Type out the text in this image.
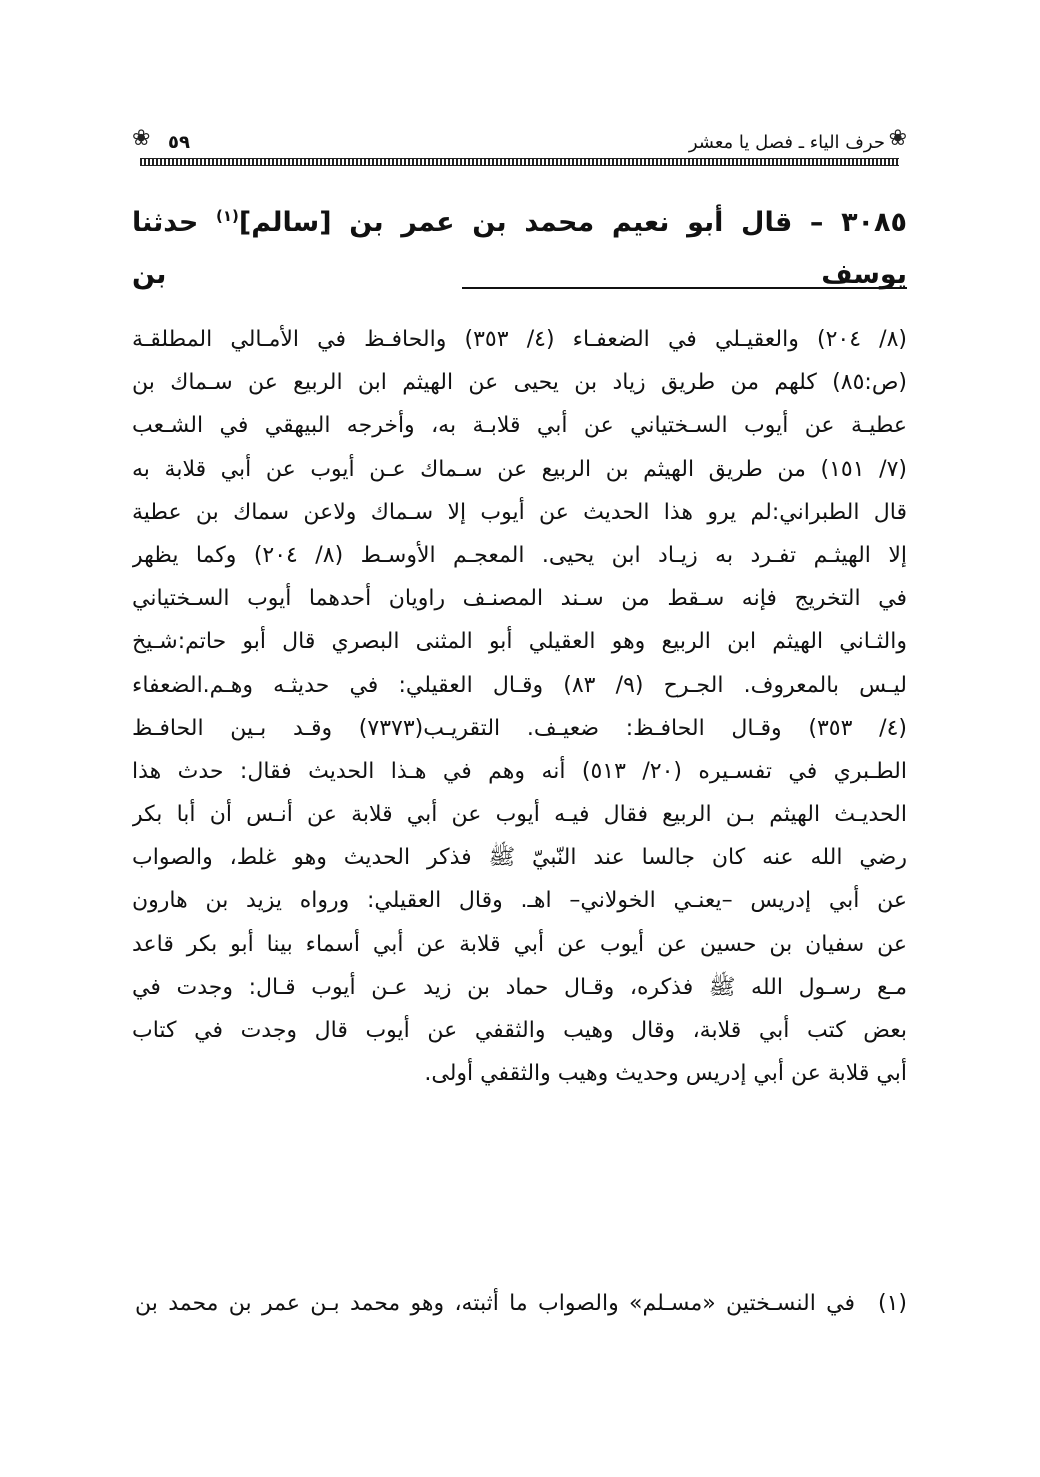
❀
حرف الياء ـ فصل يا معشر
٥٩
❀
٣٠٨٥ – قال أبو نعيم محمد بن عمر بن [سالم]$^{(١)}$ حدثنا يوسف بن
(٨/ ٢٠٤) والعقيـلي في الضعفـاء (٤/ ٣٥٣) والحافـظ في الأمـالي المطلقـة
(ص:٨٥) كلهم من طريق زياد بن يحيى عن الهيثم ابن الربيع عن سـماك بن
عطيـة عن أيوب السـختياني عن أبي قلابـة به، وأخرجه البيهقي في الشـعب
(٧/ ١٥١) من طريق الهيثم بن الربيع عن سـماك عـن أيوب عن أبي قلابة به
قال الطبراني:لم يرو هذا الحديث عن أيوب إلا سـماك ولاعن سماك بن عطية
إلا الهيثـم تفـرد به زيـاد ابن يحيى. المعجـم الأوسـط (٨/ ٢٠٤) وكما يظهر
في التخريج فإنه سـقط من سـند المصنـف راويان أحدهما أيوب السـختياني
والثـاني الهيثم ابن الربيع وهو العقيلي أبو المثنى البصري قال أبو حاتم:شـيخ
ليـس بالمعروف. الجـرح (٩/ ٨٣) وقـال العقيلي: في حديثـه وهـم.الضعفاء
(٤/ ٣٥٣) وقـال الحافـظ: ضعيـف. التقريـب(٧٣٧٣) وقـد بـين الحافـظ
الطـبري في تفسـيره (٢٠/ ٥١٣) أنه وهم في هـذا الحديث فقال: حدث هذا
الحديـث الهيثم بـن الربيع فقال فيـه أيوب عن أبي قلابة عن أنـس أن أبا بكر
رضي الله عنه كان جالسا عند النّبيّ ﷺ فذكر الحديث وهو غلط، والصواب
عن أبي إدريس –يعنـي الخولاني– اهـ. وقال العقيلي: ورواه يزيد بن هارون
عن سفيان بن حسين عن أيوب عن أبي قلابة عن أبي أسماء بينا أبو بكر قاعد
مـع رسـول الله ﷺ فذكره، وقـال حماد بن زيد عـن أيوب قـال: وجدت في
بعض كتب أبي قلابة، وقال وهيب والثقفي عن أيوب قال وجدت في كتاب
أبي قلابة عن أبي إدريس وحديث وهيب والثقفي أولى.
(١)في النسـختين «مسـلم» والصواب ما أثبته، وهو محمد بـن عمر بن محمد بن
